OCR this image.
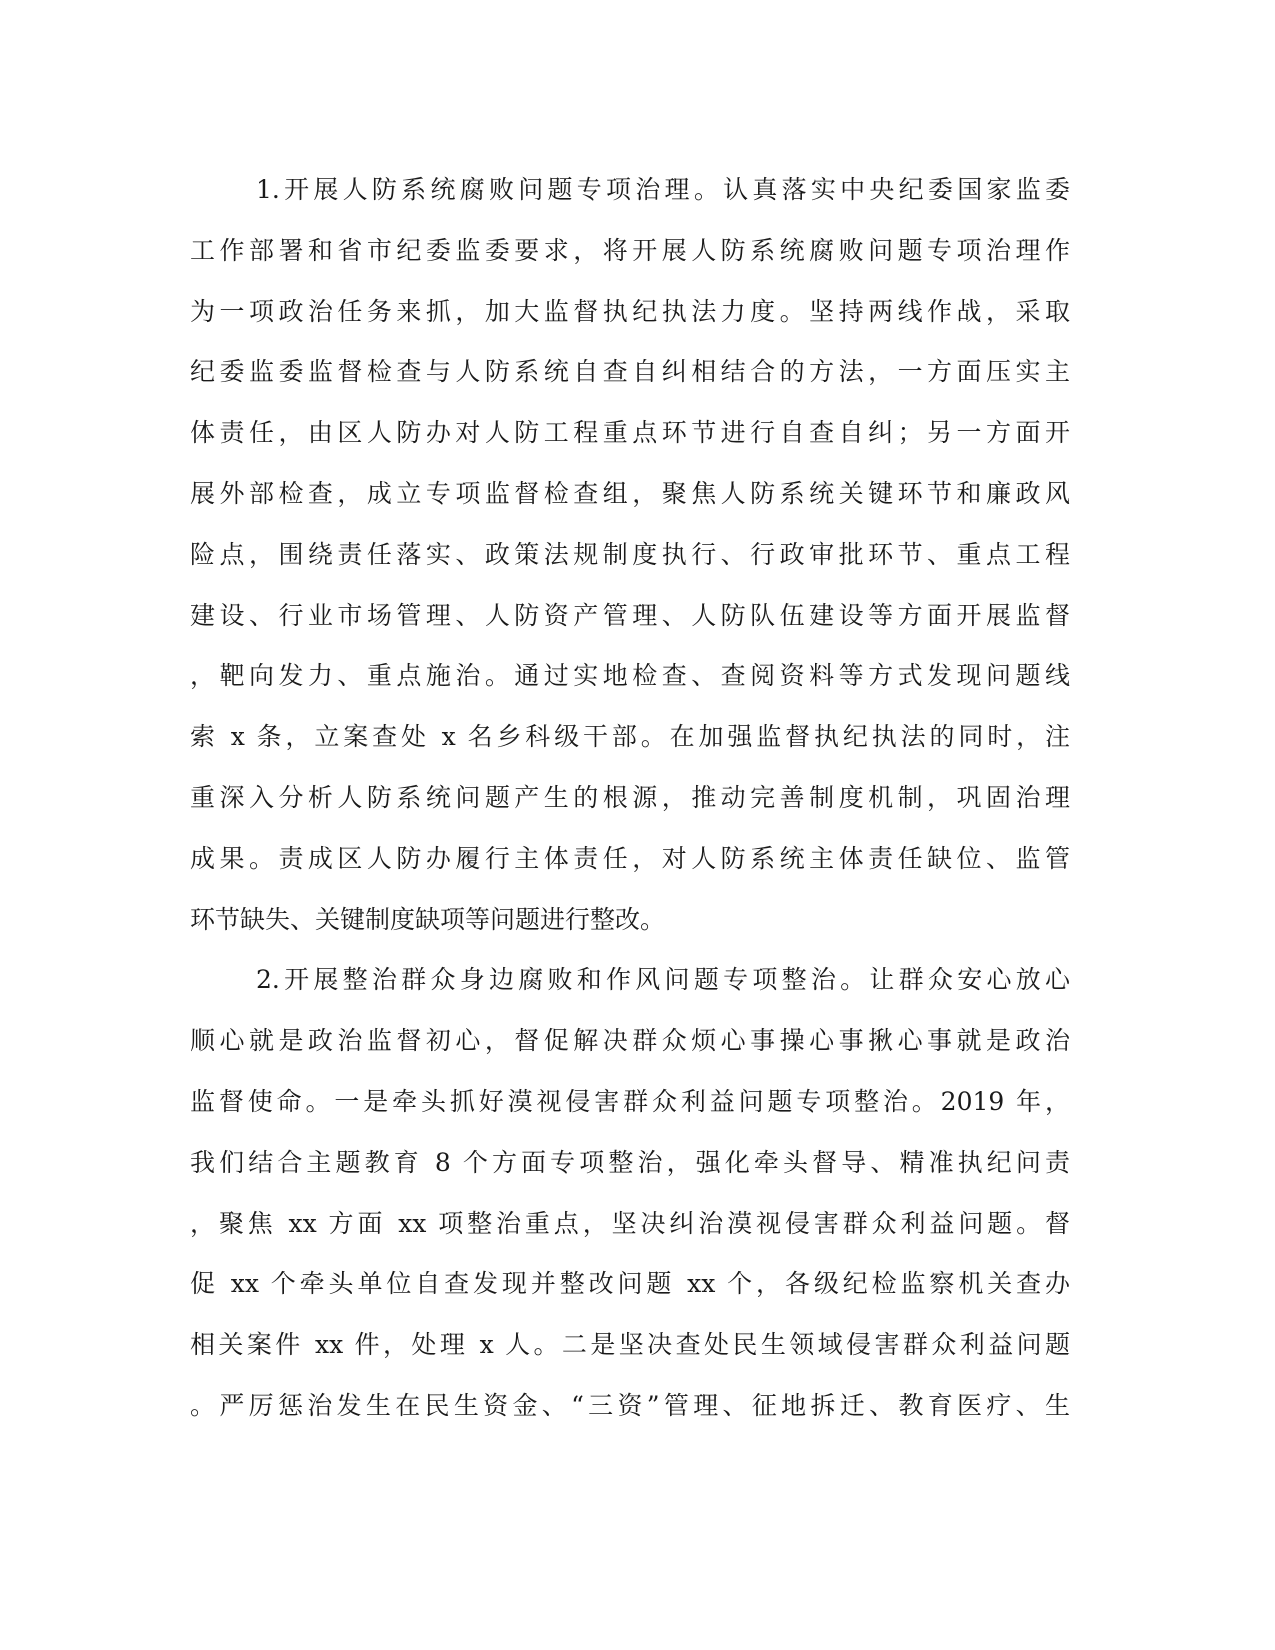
1.开展人防系统腐败问题专项治理。认真落实中央纪委国家监委
工作部署和省市纪委监委要求，将开展人防系统腐败问题专项治理作
为一项政治任务来抓，加大监督执纪执法力度。坚持两线作战，采取
纪委监委监督检查与人防系统自查自纠相结合的方法，一方面压实主
体责任，由区人防办对人防工程重点环节进行自查自纠；另一方面开
展外部检查，成立专项监督检查组，聚焦人防系统关键环节和廉政风
险点，围绕责任落实、政策法规制度执行、行政审批环节、重点工程
建设、行业市场管理、人防资产管理、人防队伍建设等方面开展监督
，靶向发力、重点施治。通过实地检查、查阅资料等方式发现问题线
索 x 条，立案查处 x 名乡科级干部。在加强监督执纪执法的同时，注
重深入分析人防系统问题产生的根源，推动完善制度机制，巩固治理
成果。责成区人防办履行主体责任，对人防系统主体责任缺位、监管
环节缺失、关键制度缺项等问题进行整改。
2.开展整治群众身边腐败和作风问题专项整治。让群众安心放心
顺心就是政治监督初心，督促解决群众烦心事操心事揪心事就是政治
监督使命。一是牵头抓好漠视侵害群众利益问题专项整治。2019 年，
我们结合主题教育 8 个方面专项整治，强化牵头督导、精准执纪问责
，聚焦 xx 方面 xx 项整治重点，坚决纠治漠视侵害群众利益问题。督
促 xx 个牵头单位自查发现并整改问题 xx 个，各级纪检监察机关查办
相关案件 xx 件，处理 x 人。二是坚决查处民生领域侵害群众利益问题
。严厉惩治发生在民生资金、“三资”管理、征地拆迁、教育医疗、生
